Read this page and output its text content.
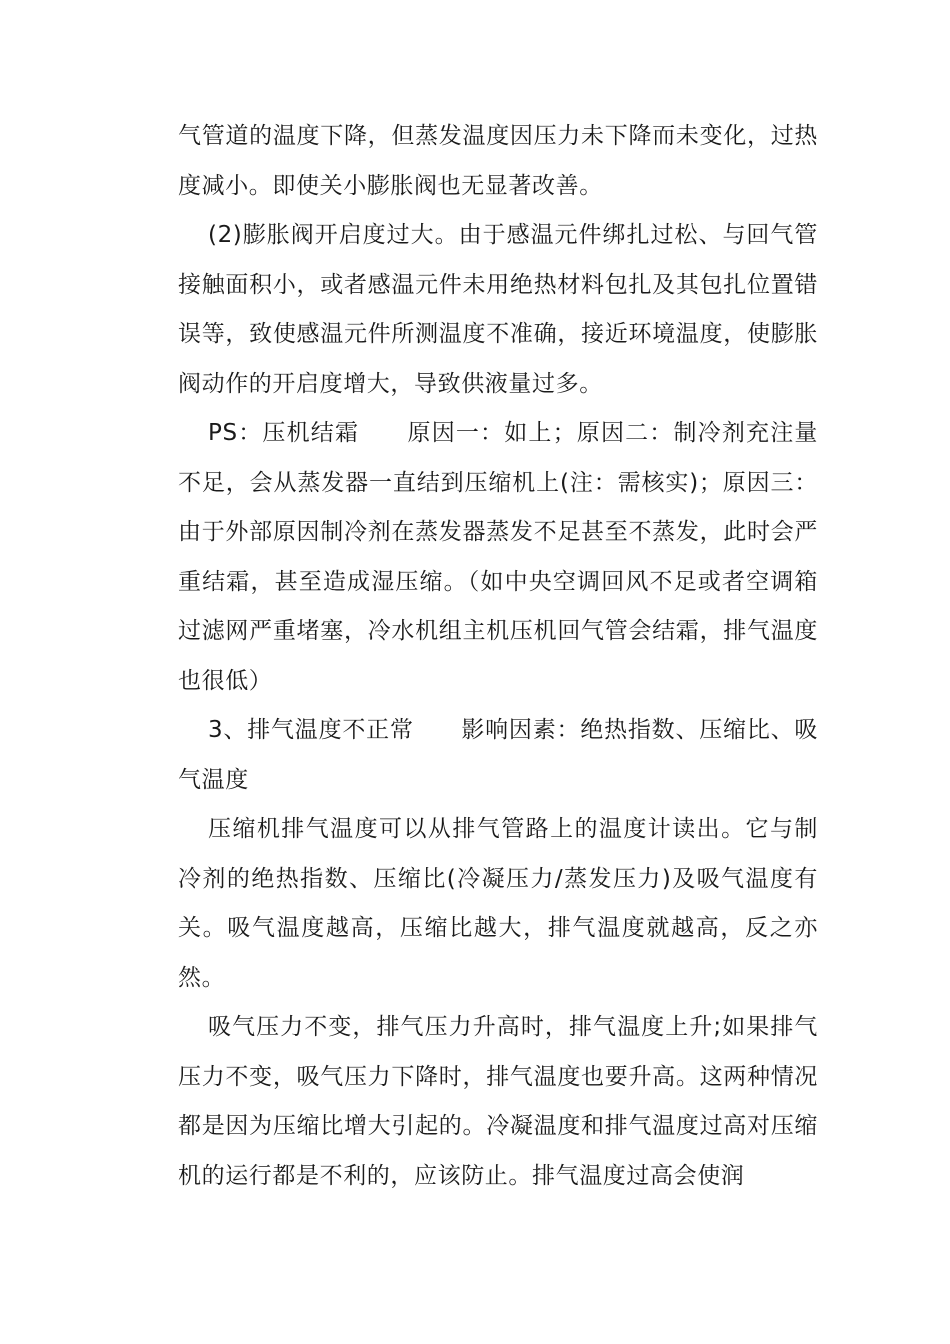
气管道的温度下降，但蒸发温度因压力未下降而未变化，过热度减小。即使关小膨胀阀也无显著改善。

(2)膨胀阀开启度过大。由于感温元件绑扎过松、与回气管接触面积小，或者感温元件未用绝热材料包扎及其包扎位置错误等，致使感温元件所测温度不准确，接近环境温度，使膨胀阀动作的开启度增大，导致供液量过多。

PS：压机结霜　　原因一：如上；原因二：制冷剂充注量不足，会从蒸发器一直结到压缩机上(注：需核实)；原因三：由于外部原因制冷剂在蒸发器蒸发不足甚至不蒸发，此时会严重结霜，甚至造成湿压缩。（如中央空调回风不足或者空调箱过滤网严重堵塞，冷水机组主机压机回气管会结霜，排气温度也很低）

3、排气温度不正常　　影响因素：绝热指数、压缩比、吸气温度

压缩机排气温度可以从排气管路上的温度计读出。它与制冷剂的绝热指数、压缩比(冷凝压力/蒸发压力)及吸气温度有关。吸气温度越高，压缩比越大，排气温度就越高，反之亦然。

吸气压力不变，排气压力升高时，排气温度上升;如果排气压力不变，吸气压力下降时，排气温度也要升高。这两种情况都是因为压缩比增大引起的。冷凝温度和排气温度过高对压缩机的运行都是不利的，应该防止。排气温度过高会使润
